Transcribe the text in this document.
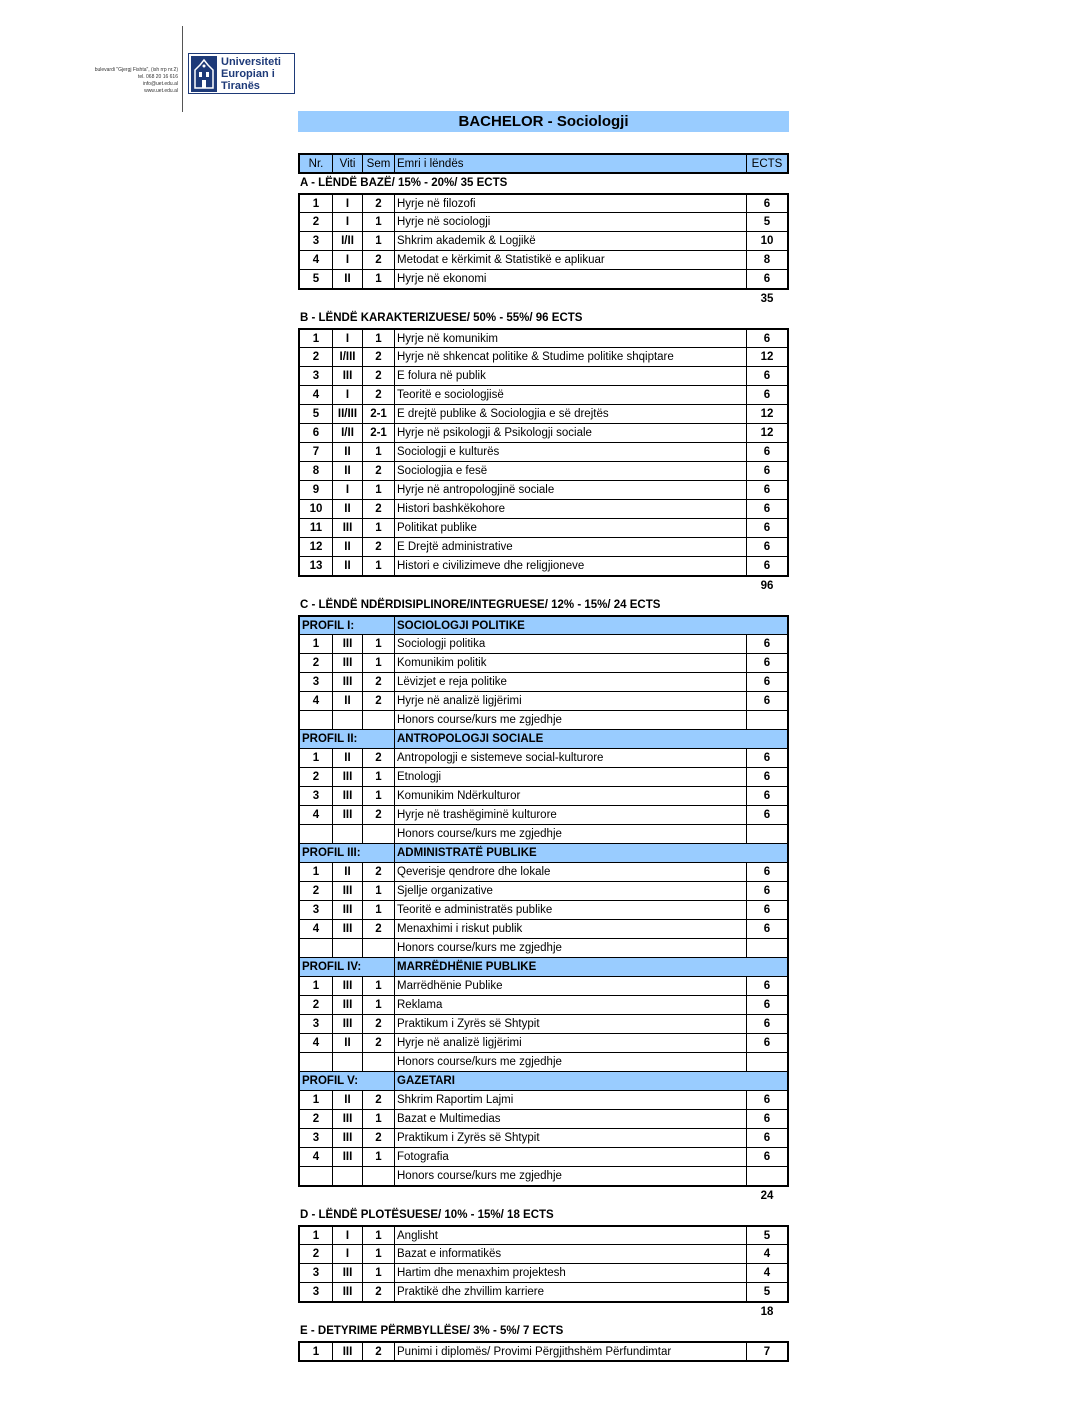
bulevardi "Gjergj Fishta", (ish rrp nr.2)
tel. 068 20 16 616
info@uet.edu.al
www.uet.edu.al
Universiteti
Europian i
Tiranës
BACHELOR - Sociologji
Nr.	Viti Sem Emri i lëndës	ECTS
A - LËNDË BAZË/ 15% - 20%/ 35 ECTS
1	I	2	Hyrje në filozofi	6
2	I	1	Hyrje në sociologji	5
3	I/II	1	Shkrim akademik & Logjikë	10
4	I	2	Metodat e kërkimit & Statistikë e aplikuar	8
5	II	1	Hyrje në ekonomi	6
35
B - LËNDË KARAKTERIZUESE/ 50% - 55%/ 96 ECTS
1	I	1	Hyrje në komunikim	6
2	I/III	2	Hyrje në shkencat politike & Studime politike shqiptare	12
3	III	2	E folura në publik	6
4	I	2	Teoritë e sociologjisë	6
5	II/III	2-1 E drejtë publike & Sociologjia e së drejtës	12
6	I/II	2-1 Hyrje në psikologji & Psikologji sociale	12
7	II	1	Sociologji e kulturës	6
8	II	2	Sociologjia e fesë	6
9	I	1	Hyrje në antropologjinë sociale	6
10	II	2	Histori bashkëkohore	6
11	III	1	Politikat publike	6
12	II	2	E Drejtë administrative	6
13	II	1	Histori e civilizimeve dhe religjioneve	6
96
C - LËNDË NDËRDISIPLINORE/INTEGRUESE/ 12% - 15%/ 24 ECTS
PROFIL I:	SOCIOLOGJI POLITIKE
1	III	1	Sociologji politika	6
2	III	1	Komunikim politik	6
3	III	2	Lëvizjet e reja politike	6
4	II	2	Hyrje në analizë ligjërimi	6
Honors course/kurs me zgjedhje
PROFIL II:	ANTROPOLOGJI SOCIALE
1	II	2	Antropologji e sistemeve social-kulturore	6
2	III	1	Etnologji	6
3	III	1	Komunikim Ndërkulturor	6
4	III	2	Hyrje në trashëgiminë kulturore	6
Honors course/kurs me zgjedhje
PROFIL III:	ADMINISTRATË PUBLIKE
1	II	2	Qeverisje qendrore dhe lokale	6
2	III	1	Sjellje organizative	6
3	III	1	Teoritë e administratës publike	6
4	III	2	Menaxhimi i riskut publik	6
Honors course/kurs me zgjedhje
PROFIL IV:	MARRËDHËNIE PUBLIKE
1	III	1	Marrëdhënie Publike	6
2	III	1	Reklama	6
3	III	2	Praktikum i Zyrës së Shtypit	6
4	II	2	Hyrje në analizë ligjërimi	6
Honors course/kurs me zgjedhje
PROFIL V:	GAZETARI
1	II	2	Shkrim Raportim Lajmi	6
2	III	1	Bazat e Multimedias	6
3	III	2	Praktikum i Zyrës së Shtypit	6
4	III	1	Fotografia	6
Honors course/kurs me zgjedhje
24
D - LËNDË PLOTËSUESE/ 10% - 15%/ 18 ECTS
1	I	1	Anglisht	5
2	I	1	Bazat e informatikës	4
3	III	1	Hartim dhe menaxhim projektesh	4
3	III	2	Praktikë dhe zhvillim karriere	5
18
E - DETYRIME PËRMBYLLËSE/ 3% - 5%/ 7 ECTS
1	III	2	Punimi i diplomës/ Provimi Përgjithshëm Përfundimtar	7
